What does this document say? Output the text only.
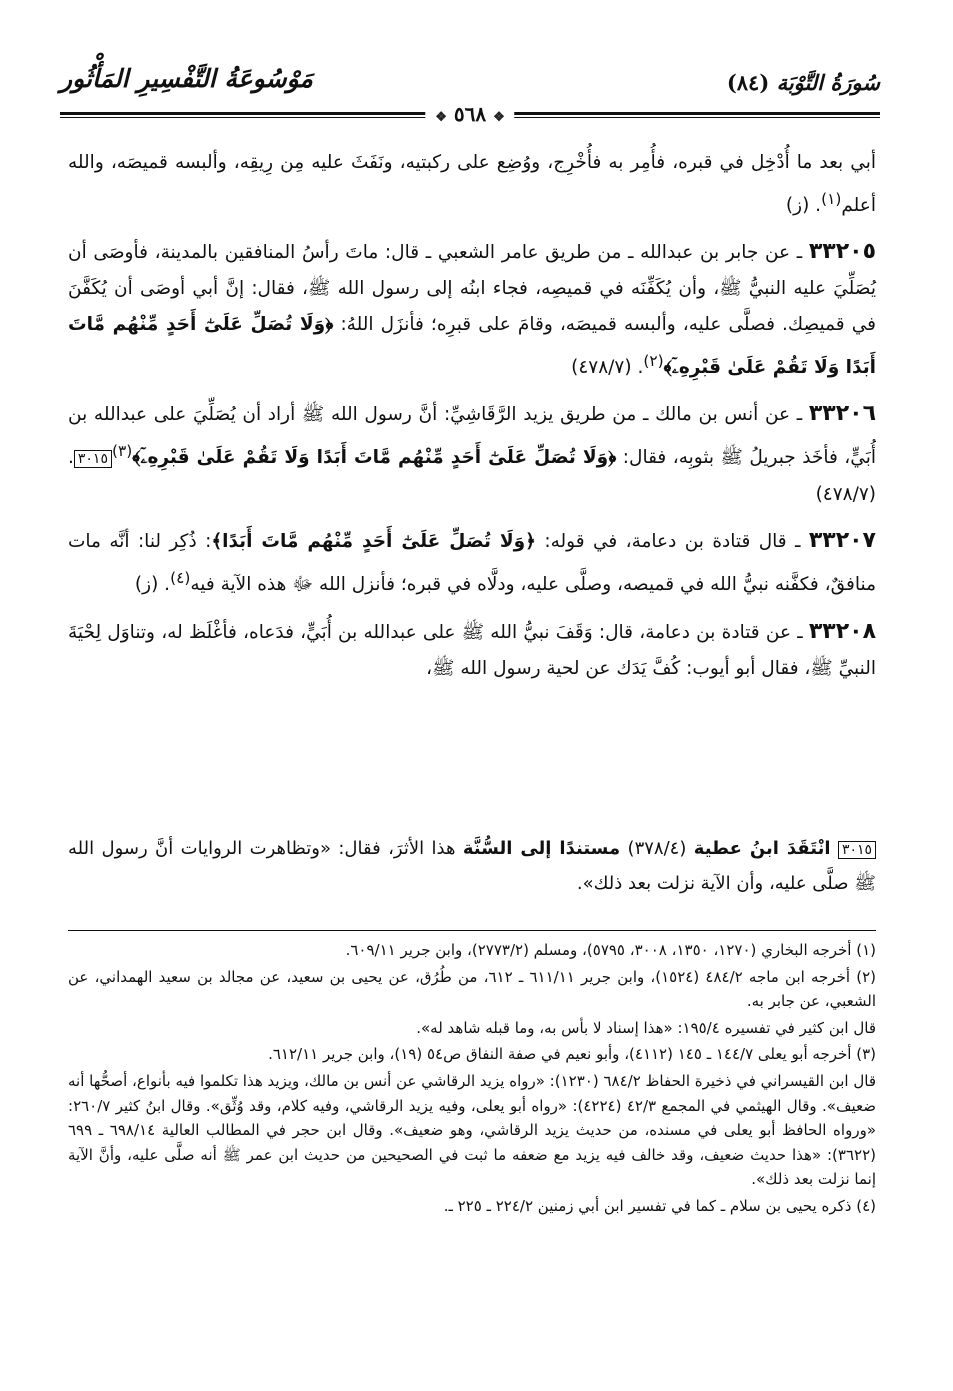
سُورَةُ التَّوْبَة (٨٤)
مَوْسُوعَةُ التَّفْسِيرِ المَأْثُور
❖ ٥٦٨ ❖

أبي بعد ما أُدْخِل في قبره، فأُمِر به فأُخْرِج، ووُضِع على ركبتيه، ونَفَثَ عليه مِن رِيقِه، وألبسه قميصَه، والله أعلم$^{(١)}$. (ز)

٣٣٢٠٥ ـ عن جابر بن عبدالله ـ من طريق عامر الشعبي ـ قال: ماتَ رأسُ المنافقين بالمدينة، فأوصَى أن يُصَلِّيَ عليه النبيُّ ﷺ، وأن يُكَفِّنَه في قميصِه، فجاء ابنُه إلى رسول الله ﷺ، فقال: إنَّ أبي أوصَى أن يُكَفَّنَ في قميصِك. فصلَّى عليه، وألبسه قميصَه، وقامَ على قبرِه؛ فأنزَل اللهُ: ﴿وَلَا تُصَلِّ عَلَىٰٓ أَحَدٍ مِّنْهُم مَّاتَ أَبَدًا وَلَا تَقُمْ عَلَىٰ قَبْرِهِۦٓ﴾$^{(٢)}$. (٤٧٨/٧)

٣٣٢٠٦ ـ عن أنس بن مالك ـ من طريق يزيد الرَّقَاشِيِّ: أنَّ رسول الله ﷺ أراد أن يُصَلِّيَ على عبدالله بن أُبَيٍّ، فأخَذ جبريلُ ﷺ بثوبِه، فقال: ﴿وَلَا تُصَلِّ عَلَىٰٓ أَحَدٍ مِّنْهُم مَّاتَ أَبَدًا وَلَا تَقُمْ عَلَىٰ قَبْرِهِۦٓ﴾$^{(٣)}$٣٠١٥. (٤٧٨/٧)

٣٣٢٠٧ ـ قال قتادة بن دعامة، في قوله: ﴿وَلَا تُصَلِّ عَلَىٰٓ أَحَدٍ مِّنْهُم مَّاتَ أَبَدًا﴾: ذُكِر لنا: أنَّه مات منافقٌ، فكفَّنه نبيُّ الله في قميصه، وصلَّى عليه، ودلَّاه في قبره؛ فأنزل الله ﷻ هذه الآية فيه$^{(٤)}$. (ز)

٣٣٢٠٨ ـ عن قتادة بن دعامة، قال: وَقَفَ نبيُّ الله ﷺ على عبدالله بن أُبَيٍّ، فدَعاه، فأغْلَظ له، وتناوَل لِحْيَةَ النبيِّ ﷺ، فقال أبو أيوب: كُفَّ يَدَك عن لحية رسول الله ﷺ،

٣٠١٥ انْتَقَدَ ابنُ عطية (٣٧٨/٤) مستندًا إلى السُّنَّة هذا الأثرَ، فقال: «وتظاهرت الروايات أنَّ رسول الله ﷺ صلَّى عليه، وأن الآية نزلت بعد ذلك».

(١) أخرجه البخاري (١٢٧٠، ١٣٥٠، ٣٠٠٨، ٥٧٩٥)، ومسلم (٢٧٧٣/٢)، وابن جرير ٦٠٩/١١.

(٢) أخرجه ابن ماجه ٤٨٤/٢ (١٥٢٤)، وابن جرير ٦١١/١١ ـ ٦١٢، من طُرُق، عن يحيى بن سعيد، عن مجالد بن سعيد الهمداني، عن الشعبي، عن جابر به.

قال ابن كثير في تفسيره ١٩٥/٤: «هذا إسناد لا بأس به، وما قبله شاهد له».

(٣) أخرجه أبو يعلى ١٤٤/٧ ـ ١٤٥ (٤١١٢)، وأبو نعيم في صفة النفاق ص٥٤ (١٩)، وابن جرير ٦١٢/١١.

قال ابن القيسراني في ذخيرة الحفاظ ٦٨٤/٢ (١٢٣٠): «رواه يزيد الرقاشي عن أنس بن مالك، ويزيد هذا تكلموا فيه بأنواع، أصحُّها أنه ضعيف». وقال الهيثمي في المجمع ٤٢/٣ (٤٢٢٤): «رواه أبو يعلى، وفيه يزيد الرقاشي، وفيه كلام، وقد وُثِّق». وقال ابنُ كثير ٢٦٠/٧: «ورواه الحافظ أبو يعلى في مسنده، من حديث يزيد الرقاشي، وهو ضعيف». وقال ابن حجر في المطالب العالية ٦٩٨/١٤ ـ ٦٩٩ (٣٦٢٢): «هذا حديث ضعيف، وقد خالف فيه يزيد مع ضعفه ما ثبت في الصحيحين من حديث ابن عمر ﷺ أنه صلَّى عليه، وأنَّ الآية إنما نزلت بعد ذلك».

(٤) ذكره يحيى بن سلام ـ كما في تفسير ابن أبي زمنين ٢٢٤/٢ ـ ٢٢٥ ـ.
